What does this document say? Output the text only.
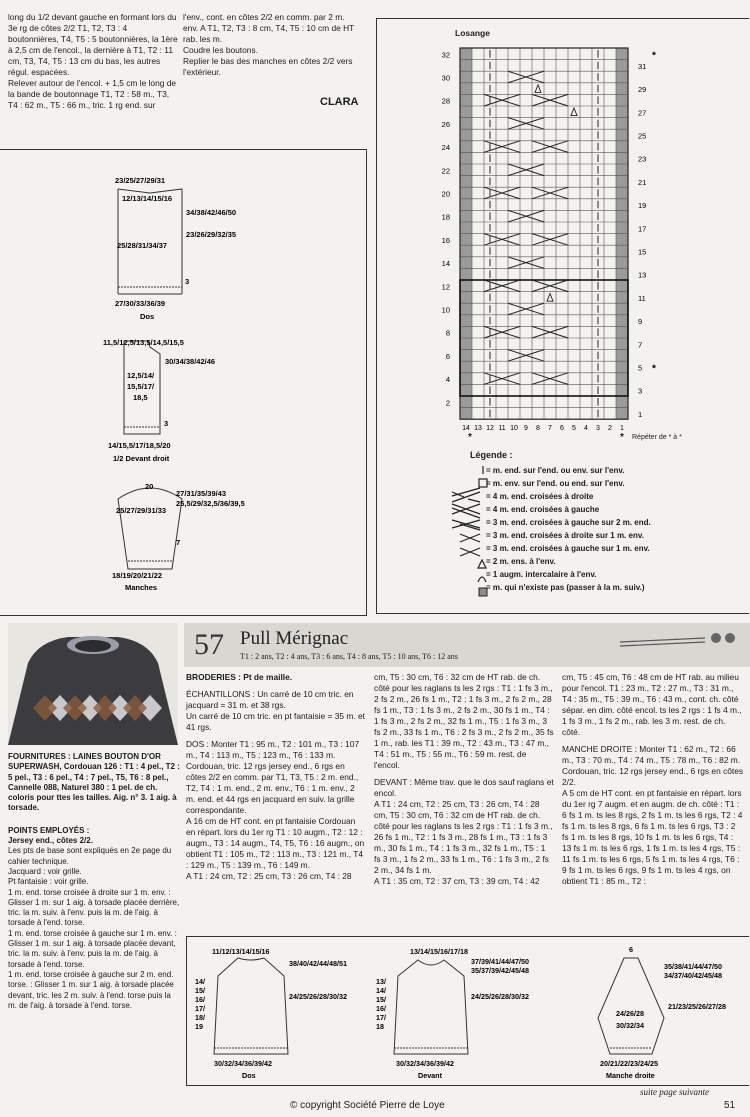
long du 1/2 devant gauche en formant lors du 3e rg de côtes 2/2 T1, T2, T3 : 4 boutonnières, T4, T5 : 5 boutonnières, la 1ère à 2,5 cm de l'encol., la dernière à T1, T2 : 11 cm, T3, T4, T5 : 13 cm du bas, les autres régul. espacées.

Relever autour de l'encol. + 1,5 cm le long de la bande de boutonnage T1, T2 : 58 m., T3, T4 : 62 m., T5 : 66 m., tric. 1 rg end. sur

l'env., cont. en côtes 2/2 en comm. par 2 m. env. A T1, T2, T3 : 8 cm, T4, T5 : 10 cm de HT rab. les m.

Coudre les boutons.

Replier le bas des manches en côtes 2/2 vers l'extérieur.

CLARA
23/25/27/29/31
12/13/14/15/16
34/38/42/46/50
23/26/29/32/35
25/28/31/34/37
3
27/30/33/36/39
Dos
11,5/12,5/13,5/14,5/15,5
30/34/38/42/46
12,5/14/
15,5/17/
18,5
3
14/15,5/17/18,5/20
1/2 Devant droit
20
27/31/35/39/43
25,5/29/32,5/36/39,5
25/27/29/31/33
7
18/19/20/21/22
Manches
Losange
32
30
28
26
24
22
20
18
16
14
12
10
8
6
4
2
31
29
27
25
23
21
19
17
15
13
11
9
7
5
3
1
14 13 12 11 10 9 8 7 6 5 4 3 2 1
*
*
*	* Répéter de * à *
Légende :
= m. end. sur l'end. ou env. sur l'env.
= m. env. sur l'end. ou end. sur l'env.
= 4 m. end. croisées à droite
= 4 m. end. croisées à gauche
= 3 m. end. croisées à gauche sur 2 m. end.
= 3 m. end. croisées à droite sur 1 m. env.
= 3 m. end. croisées à gauche sur 1 m. env.
= 2 m. ens. à l'env.
= 1 augm. intercalaire à l'env.
= m. qui n'existe pas (passer à la m. suiv.)
57 Pull Mérignac
T1 : 2 ans, T2 : 4 ans, T3 : 6 ans, T4 : 8 ans, T5 : 10 ans, T6 : 12 ans

FOURNITURES : LAINES BOUTON D'OR SUPERWASH, Cordouan 126 : T1 : 4 pel., T2 : 5 pel., T3 : 6 pel., T4 : 7 pel., T5, T6 : 8 pel., Cannelle 088, Naturel 380 : 1 pel. de ch. coloris pour ttes les tailles. Aig. n° 3. 1 aig. à torsade.

POINTS EMPLOYÉS :

Jersey end., côtes 2/2.

Les pts de base sont expliqués en 2e page du cahier technique.

Jacquard : voir grille.

Pt fantaisie : voir grille.

1 m. end. torse croisée à droite sur 1 m. env. : Glisser 1 m. sur 1 aig. à torsade placée derrière, tric. la m. suiv. à l'env. puis la m. de l'aig. à torsade à l'end. torse.

1 m. end. torse croisée à gauche sur 1 m. env. : Glisser 1 m. sur 1 aig. à torsade placée devant, tric. la m. suiv. à l'env. puis la m. de l'aig. à torsade à l'end. torse.

1 m. end. torse croisée à gauche sur 2 m. end. torse. : Glisser 1 m. sur 1 aig. à torsade placée devant, tric. les 2 m. suiv. à l'end. torse puis la m. de l'aig. à torsade à l'end. torse.

BRODERIES : Pt de maille.

ÉCHANTILLONS : Un carré de 10 cm tric. en jacquard = 31 m. et 38 rgs.

Un carré de 10 cm tric. en pt fantaisie = 35 m. et 41 rgs.

DOS : Monter T1 : 95 m., T2 : 101 m., T3 : 107 m., T4 : 113 m., T5 : 123 m., T6 : 133 m. Cordouan, tric. 12 rgs jersey end., 6 rgs en côtes 2/2 en comm. par T1, T3, T5 : 2 m. end., T2, T4 : 1 m. end., 2 m. env., T6 : 1 m. env., 2 m. end. et 44 rgs en jacquard en suiv. la grille correspondante.

A 16 cm de HT cont. en pt fantaisie Cordouan en répart. lors du 1er rg T1 : 10 augm., T2 : 12 : augm., T3 : 14 augm., T4, T5, T6 : 16 augm., on obtient T1 : 105 m., T2 : 113 m., T3 : 121 m., T4 : 129 m., T5 : 139 m., T6 : 149 m.

A T1 : 24 cm, T2 : 25 cm, T3 : 26 cm, T4 : 28

cm, T5 : 30 cm, T6 : 32 cm de HT rab. de ch. côté pour les raglans ts les 2 rgs : T1 : 1 fs 3 m., 2 fs 2 m., 26 fs 1 m., T2 : 1 fs 3 m., 2 fs 2 m., 28 fs 1 m., T3 : 1 fs 3 m., 2 fs 2 m., 30 fs 1 m., T4 : 1 fs 3 m., 2 fs 2 m., 32 fs 1 m., T5 : 1 fs 3 m., 3 fs 2 m., 33 fs 1 m., T6 : 2 fs 3 m., 2 fs 2 m., 35 fs 1 m., rab. les T1 : 39 m., T2 : 43 m., T3 : 47 m., T4 : 51 m., T5 : 55 m., T6 : 59 m. rest. de l'encol.

DEVANT : Même trav. que le dos sauf raglans et encol.

A T1 : 24 cm, T2 : 25 cm, T3 : 26 cm, T4 : 28 cm, T5 : 30 cm, T6 : 32 cm de HT rab. de ch. côté pour les raglans ts les 2 rgs : T1 : 1 fs 3 m., 26 fs 1 m., T2 : 1 fs 3 m., 28 fs 1 m., T3 : 1 fs 3 m., 30 fs 1 m., T4 : 1 fs 3 m., 32 fs 1 m., T5 : 1 fs 3 m., 1 fs 2 m., 33 fs 1 m., T6 : 1 fs 3 m., 2 fs 2 m., 34 fs 1 m.

A T1 : 35 cm, T2 : 37 cm, T3 : 39 cm, T4 : 42

cm, T5 : 45 cm, T6 : 48 cm de HT rab. au milieu pour l'encol. T1 : 23 m., T2 : 27 m., T3 : 31 m., T4 : 35 m., T5 : 39 m., T6 : 43 m., cont. ch. côté sépar. en dim. côté encol. ts les 2 rgs : 1 fs 4 m., 1 fs 3 m., 1 fs 2 m., rab. les 3 m. rest. de ch. côté.

MANCHE DROITE : Monter T1 : 62 m., T2 : 66 m., T3 : 70 m., T4 : 74 m., T5 : 78 m., T6 : 82 m. Cordouan, tric. 12 rgs jersey end., 6 rgs en côtes 2/2.

A 5 cm de HT cont. en pt fantaisie en répart. lors du 1er rg 7 augm. et en augm. de ch. côté : T1 : 6 fs 1 m. ts les 8 rgs, 2 fs 1 m. ts les 6 rgs, T2 : 4 fs 1 m. ts les 8 rgs, 6 fs 1 m. ts les 6 rgs, T3 : 2 fs 1 m. ts les 8 rgs, 10 fs 1 m. ts les 6 rgs, T4 : 13 fs 1 m. ts les 6 rgs, 1 fs 1 m. ts les 4 rgs, T5 : 11 fs 1 m. ts les 6 rgs, 5 fs 1 m. ts les 4 rgs, T6 : 9 fs 1 m. ts les 6 rgs, 9 fs 1 m. ts les 4 rgs, on obtient T1 : 85 m., T2 :

11/12/13/14/15/16
14/
15/
16/
17/
18/
19
38/40/42/44/48/51
24/25/26/28/30/32
30/32/34/36/39/42
Dos
13/14/15/16/17/18
13/
14/
15/
16/
17/
18
37/39/41/44/47/50
35/37/39/42/45/48
24/25/26/28/30/32
30/32/34/36/39/42
Devant
6
35/38/41/44/47/50
34/37/40/42/45/48
24/26/28
30/32/34
21/23/25/26/27/28
20/21/22/23/24/25
Manche droite
suite page suivante
© copyright Société Pierre de Loye	51
